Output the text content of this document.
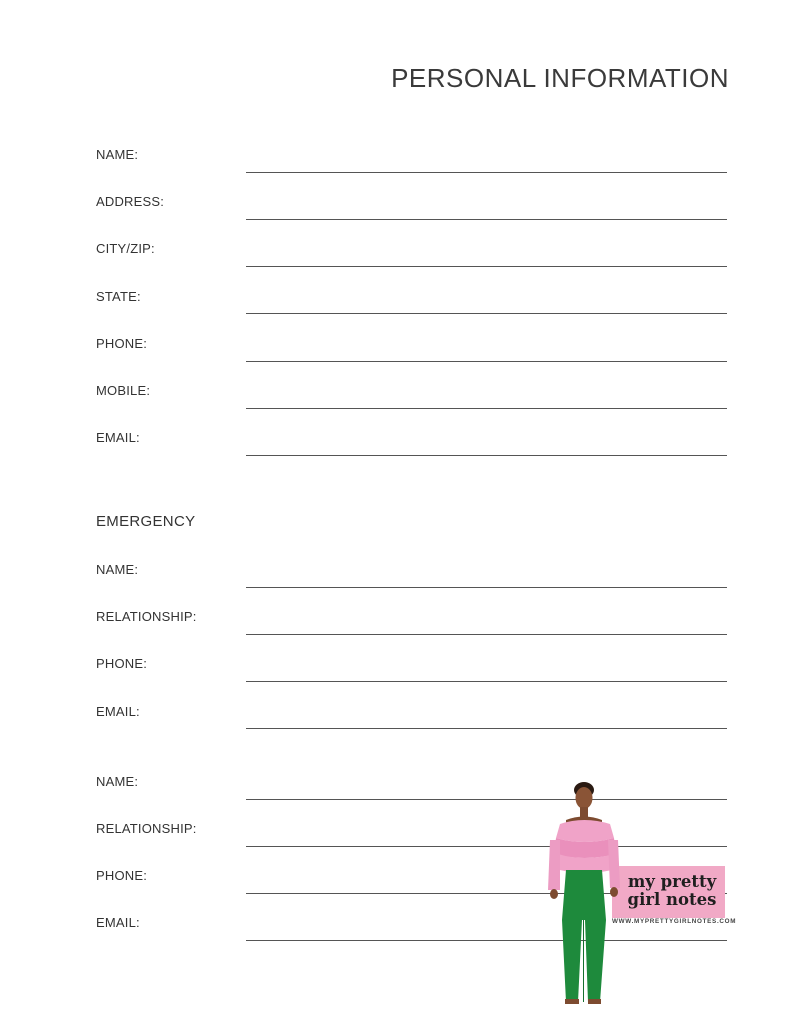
PERSONAL INFORMATION
NAME:
ADDRESS:
CITY/ZIP:
STATE:
PHONE:
MOBILE:
EMAIL:
EMERGENCY
NAME:
RELATIONSHIP:
PHONE:
EMAIL:
NAME:
RELATIONSHIP:
PHONE:
EMAIL:
my pretty
girl notes
WWW.MYPRETTYGIRLNOTES.COM
